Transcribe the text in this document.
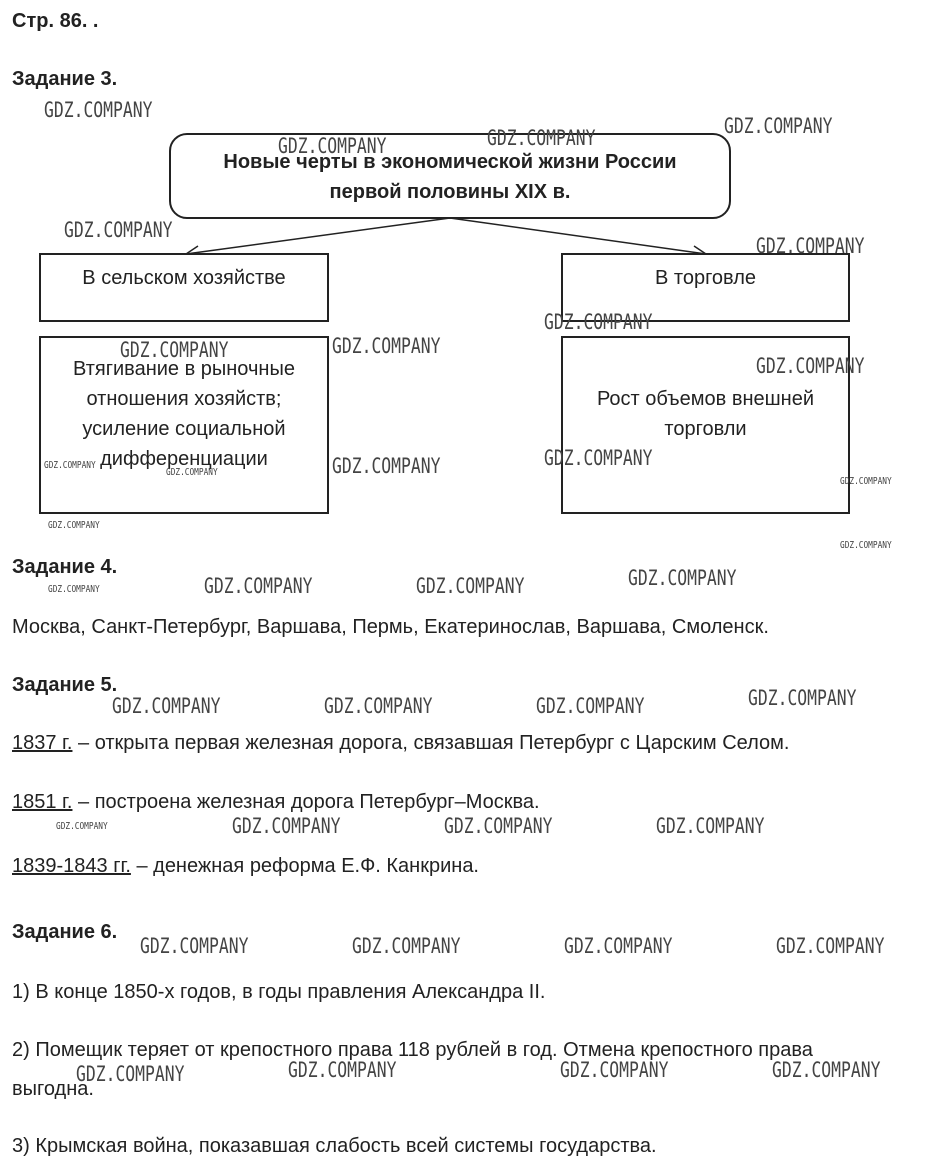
Стр. 86. .
Задание 3.
Новые черты в экономической жизни России
первой половины XIX в.
В сельском хозяйстве	В торговле
Втягивание в рыночные
отношения хозяйств;
усиление социальной
дифференциации
Рост объемов внешней
торговли
Задание 4.
Москва, Санкт-Петербург, Варшава, Пермь, Екатеринослав, Варшава, Смоленск.
Задание 5.
1837 г. – открыта первая железная дорога, связавшая Петербург с Царским Селом.
1851 г. – построена железная дорога Петербург–Москва.
1839-1843 гг. – денежная реформа Е.Ф. Канкрина.
Задание 6.
1) В конце 1850-х годов, в годы правления Александра II.
2) Помещик теряет от крепостного права 118 рублей в год. Отмена крепостного права
выгодна.
3) Крымская война, показавшая слабость всей системы государства.
GDZ.COMPANY
GDZ.COMPANY	GDZ.COMPANY	GDZ.COMPANY
GDZ.COMPANY
GDZ.COMPANY
GDZ.COMPANY
GDZ.COMPANY	GDZ.COMPANY
GDZ.COMPANY
GDZ.COMPANY	GDZ.COMPANY
GDZ.COMPANY
GDZ.COMPANY
GDZ.COMPANY
GDZ.COMPANY
GDZ.COMPANY
GDZ.COMPANY	GDZ.COMPANY	GDZ.COMPANY	GDZ.COMPANY
GDZ.COMPANY	GDZ.COMPANY	GDZ.COMPANY	GDZ.COMPANY
GDZ.COMPANY	GDZ.COMPANY	GDZ.COMPANY	GDZ.COMPANY
GDZ.COMPANY	GDZ.COMPANY	GDZ.COMPANY	GDZ.COMPANY
GDZ.COMPANY	GDZ.COMPANY	GDZ.COMPANY	GDZ.COMPANY
